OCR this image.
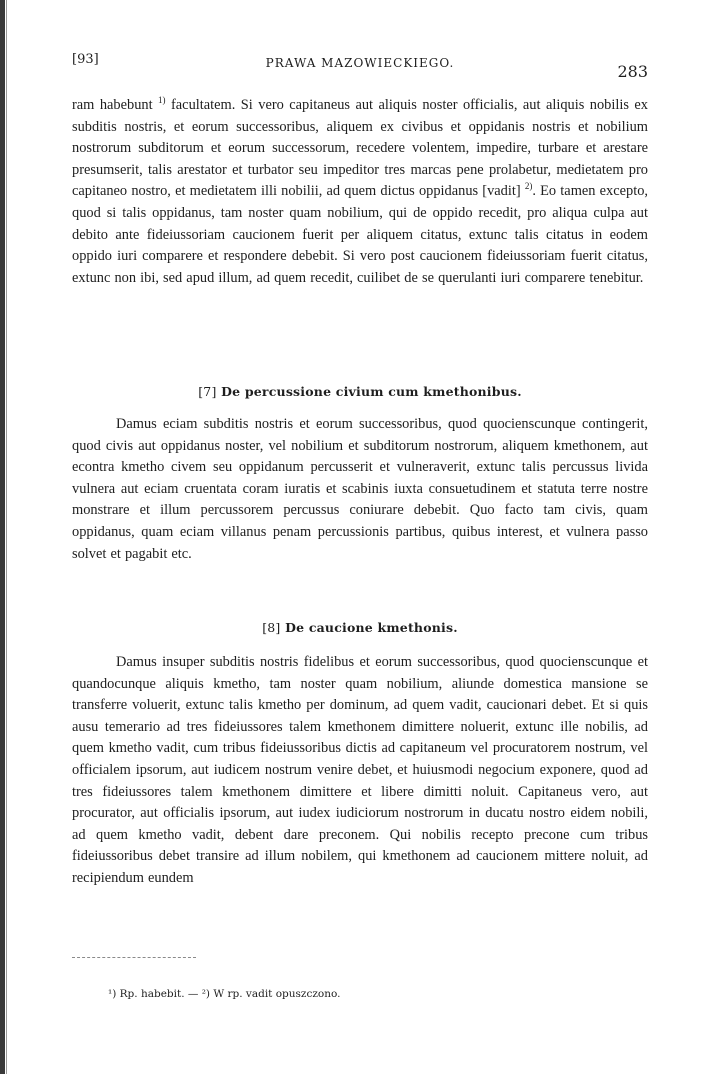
[93]	PRAWA MAZOWIECKIEGO.	283

ram habebunt $^{1)}$ facultatem. Si vero capitaneus aut aliquis noster officialis, aut aliquis nobilis ex subditis nostris, et eorum successoribus, aliquem ex civibus et oppidanis nostris et nobilium nostrorum subditorum et eorum successorum, recedere volentem, impedire, turbare et arestare presumserit, talis arestator et turbator seu impeditor tres marcas pene prolabetur, medietatem pro capitaneo nostro, et medietatem illi nobilii, ad quem dictus oppidanus [vadit] $^{2)}$. Eo tamen excepto, quod si talis oppidanus, tam noster quam nobilium, qui de oppido recedit, pro aliqua culpa aut debito ante fideiussoriam caucionem fuerit per aliquem citatus, extunc talis citatus in eodem oppido iuri comparere et respondere debebit. Si vero post caucionem fideiussoriam fuerit citatus, extunc non ibi, sed apud illum, ad quem recedit, cuilibet de se querulanti iuri comparere tenebitur.

[7] De percussione civium cum kmethonibus.

Damus eciam subditis nostris et eorum successoribus, quod quocienscunque contingerit, quod civis aut oppidanus noster, vel nobilium et subditorum nostrorum, aliquem kmethonem, aut econtra kmetho civem seu oppidanum percusserit et vulneraverit, extunc talis percussus livida vulnera aut eciam cruentata coram iuratis et scabinis iuxta consuetudinem et statuta terre nostre monstrare et illum percussorem percussus coniurare debebit. Quo facto tam civis, quam oppidanus, quam eciam villanus penam percussionis partibus, quibus interest, et vulnera passo solvet et pagabit etc.

[8] De caucione kmethonis.

Damus insuper subditis nostris fidelibus et eorum successoribus, quod quocienscunque et quandocunque aliquis kmetho, tam noster quam nobilium, aliunde domestica mansione se transferre voluerit, extunc talis kmetho per dominum, ad quem vadit, caucionari debet. Et si quis ausu temerario ad tres fideiussores talem kmethonem dimittere noluerit, extunc ille nobilis, ad quem kmetho vadit, cum tribus fideiussoribus dictis ad capitaneum vel procuratorem nostrum, vel officialem ipsorum, aut iudicem nostrum venire debet, et huiusmodi negocium exponere, quod ad tres fideiussores talem kmethonem dimittere et libere dimitti noluit. Capitaneus vero, aut procurator, aut officialis ipsorum, aut iudex iudiciorum nostrorum in ducatu nostro eidem nobili, ad quem kmetho vadit, debent dare preconem. Qui nobilis recepto precone cum tribus fideiussoribus debet transire ad illum nobilem, qui kmethonem ad caucionem mittere noluit, ad recipiendum eundem

¹) Rp. habebit. — ²) W rp. vadit opuszczono.
